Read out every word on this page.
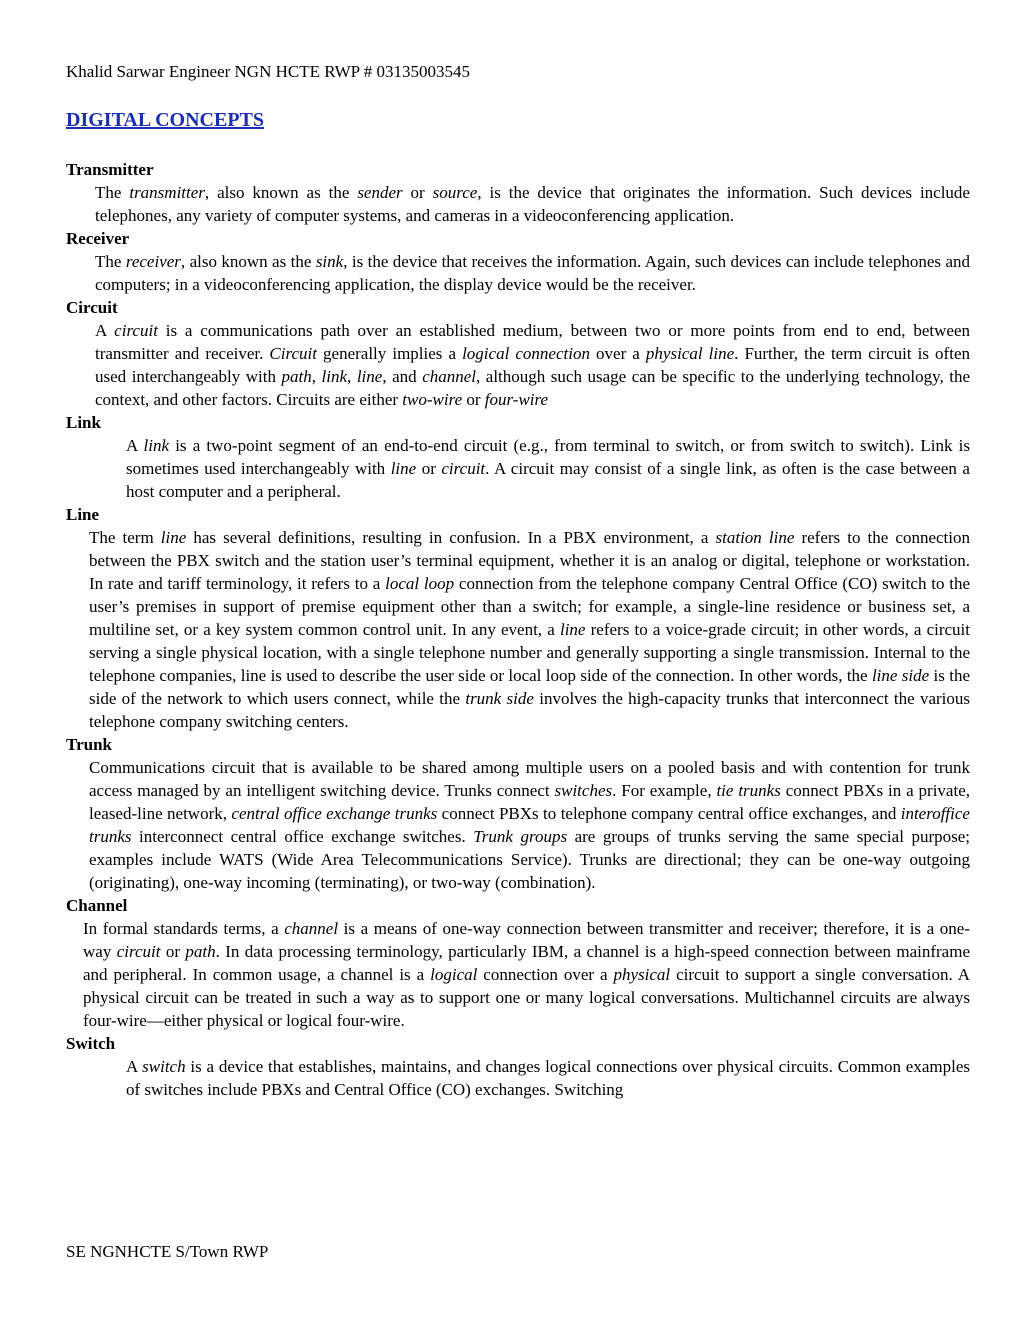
Khalid Sarwar Engineer NGN HCTE RWP # 03135003545
DIGITAL CONCEPTS

Transmitter

The transmitter, also known as the sender or source, is the device that originates the information. Such devices include telephones, any variety of computer systems, and cameras in a videoconferencing application.

Receiver

The receiver, also known as the sink, is the device that receives the information. Again, such devices can include telephones and computers; in a videoconferencing application, the display device would be the receiver.

Circuit

A circuit is a communications path over an established medium, between two or more points from end to end, between transmitter and receiver. Circuit generally implies a logical connection over a physical line. Further, the term circuit is often used interchangeably with path, link, line, and channel, although such usage can be specific to the underlying technology, the context, and other factors. Circuits are either two-wire or four-wire

Link

A link is a two-point segment of an end-to-end circuit (e.g., from terminal to switch, or from switch to switch). Link is sometimes used interchangeably with line or circuit. A circuit may consist of a single link, as often is the case between a host computer and a peripheral.

Line

The term line has several definitions, resulting in confusion. In a PBX environment, a station line refers to the connection between the PBX switch and the station user’s terminal equipment, whether it is an analog or digital, telephone or workstation. In rate and tariff terminology, it refers to a local loop connection from the telephone company Central Office (CO) switch to the user’s premises in support of premise equipment other than a switch; for example, a single-line residence or business set, a multiline set, or a key system common control unit. In any event, a line refers to a voice-grade circuit; in other words, a circuit serving a single physical location, with a single telephone number and generally supporting a single transmission. Internal to the telephone companies, line is used to describe the user side or local loop side of the connection. In other words, the line side is the side of the network to which users connect, while the trunk side involves the high-capacity trunks that interconnect the various telephone company switching centers.

Trunk

Communications circuit that is available to be shared among multiple users on a pooled basis and with contention for trunk access managed by an intelligent switching device. Trunks connect switches. For example, tie trunks connect PBXs in a private, leased-line network, central office exchange trunks connect PBXs to telephone company central office exchanges, and interoffice trunks interconnect central office exchange switches. Trunk groups are groups of trunks serving the same special purpose; examples include WATS (Wide Area Telecommunications Service). Trunks are directional; they can be one-way outgoing (originating), one-way incoming (terminating), or two-way (combination).

Channel

In formal standards terms, a channel is a means of one-way connection between transmitter and receiver; therefore, it is a one-way circuit or path. In data processing terminology, particularly IBM, a channel is a high-speed connection between mainframe and peripheral. In common usage, a channel is a logical connection over a physical circuit to support a single conversation. A physical circuit can be treated in such a way as to support one or many logical conversations. Multichannel circuits are always four-wire—either physical or logical four-wire.

Switch

A switch is a device that establishes, maintains, and changes logical connections over physical circuits. Common examples of switches include PBXs and Central Office (CO) exchanges. Switching

SE NGNHCTE S/Town RWP
